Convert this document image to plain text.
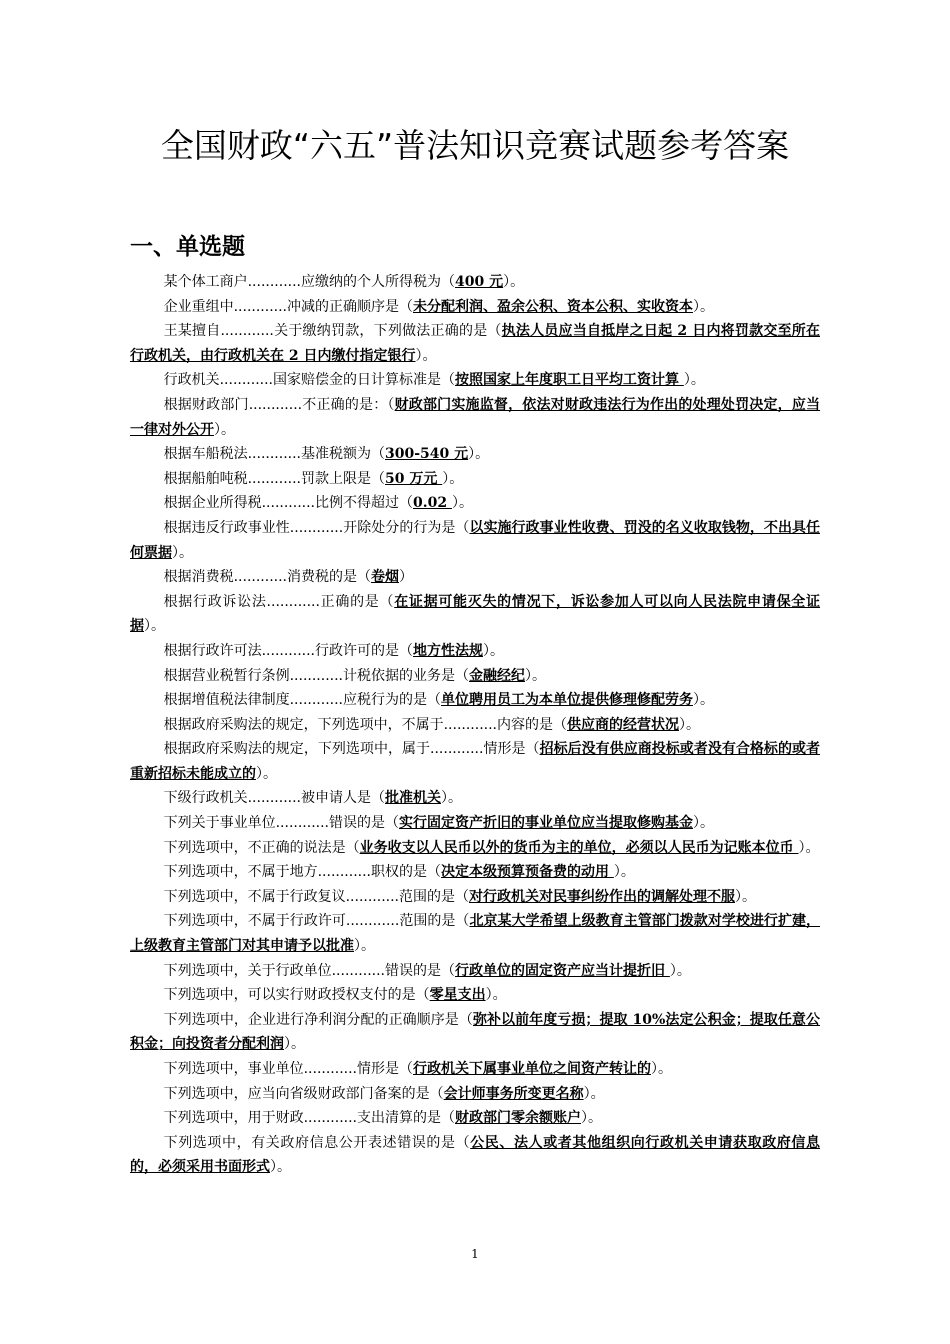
全国财政“六五”普法知识竞赛试题参考答案
一、单选题

某个体工商户............应缴纳的个人所得税为（400 元）。

企业重组中............冲减的正确顺序是（未分配利润、盈余公积、资本公积、实收资本）。

王某擅自............关于缴纳罚款，下列做法正确的是（执法人员应当自抵岸之日起 2 日内将罚款交至所在行政机关，由行政机关在 2 日内缴付指定银行）。

行政机关............国家赔偿金的日计算标准是（按照国家上年度职工日平均工资计算 ）。

根据财政部门............不正确的是：（财政部门实施监督，依法对财政违法行为作出的处理处罚决定，应当一律对外公开）。

根据车船税法............基准税额为（300-540 元）。

根据船舶吨税............罚款上限是（50 万元 ）。

根据企业所得税............比例不得超过（0.02 ）。

根据违反行政事业性............开除处分的行为是（以实施行政事业性收费、罚没的名义收取钱物，不出具任何票据）。

根据消费税............消费税的是（卷烟）

根据行政诉讼法............正确的是（在证据可能灭失的情况下，诉讼参加人可以向人民法院申请保全证据）。

根据行政许可法............行政许可的是（地方性法规）。

根据营业税暂行条例............计税依据的业务是（金融经纪）。

根据增值税法律制度............应税行为的是（单位聘用员工为本单位提供修理修配劳务）。

根据政府采购法的规定，下列选项中，不属于............内容的是（供应商的经营状况）。

根据政府采购法的规定，下列选项中，属于............情形是（招标后没有供应商投标或者没有合格标的或者重新招标未能成立的）。

下级行政机关............被申请人是（批准机关）。

下列关于事业单位............错误的是（实行固定资产折旧的事业单位应当提取修购基金）。

下列选项中，不正确的说法是（业务收支以人民币以外的货币为主的单位，必须以人民币为记账本位币 ）。

下列选项中，不属于地方............职权的是（决定本级预算预备费的动用 ）。

下列选项中，不属于行政复议............范围的是（对行政机关对民事纠纷作出的调解处理不服）。

下列选项中，不属于行政许可............范围的是（北京某大学希望上级教育主管部门拨款对学校进行扩建，上级教育主管部门对其申请予以批准）。

下列选项中，关于行政单位............错误的是（行政单位的固定资产应当计提折旧 ）。

下列选项中，可以实行财政授权支付的是（零星支出）。

下列选项中，企业进行净利润分配的正确顺序是（弥补以前年度亏损；提取 10%法定公积金；提取任意公积金；向投资者分配利润）。

下列选项中，事业单位............情形是（行政机关下属事业单位之间资产转让的）。

下列选项中，应当向省级财政部门备案的是（会计师事务所变更名称）。

下列选项中，用于财政............支出清算的是（财政部门零余额账户）。

下列选项中，有关政府信息公开表述错误的是（公民、法人或者其他组织向行政机关申请获取政府信息的，必须采用书面形式）。

1
